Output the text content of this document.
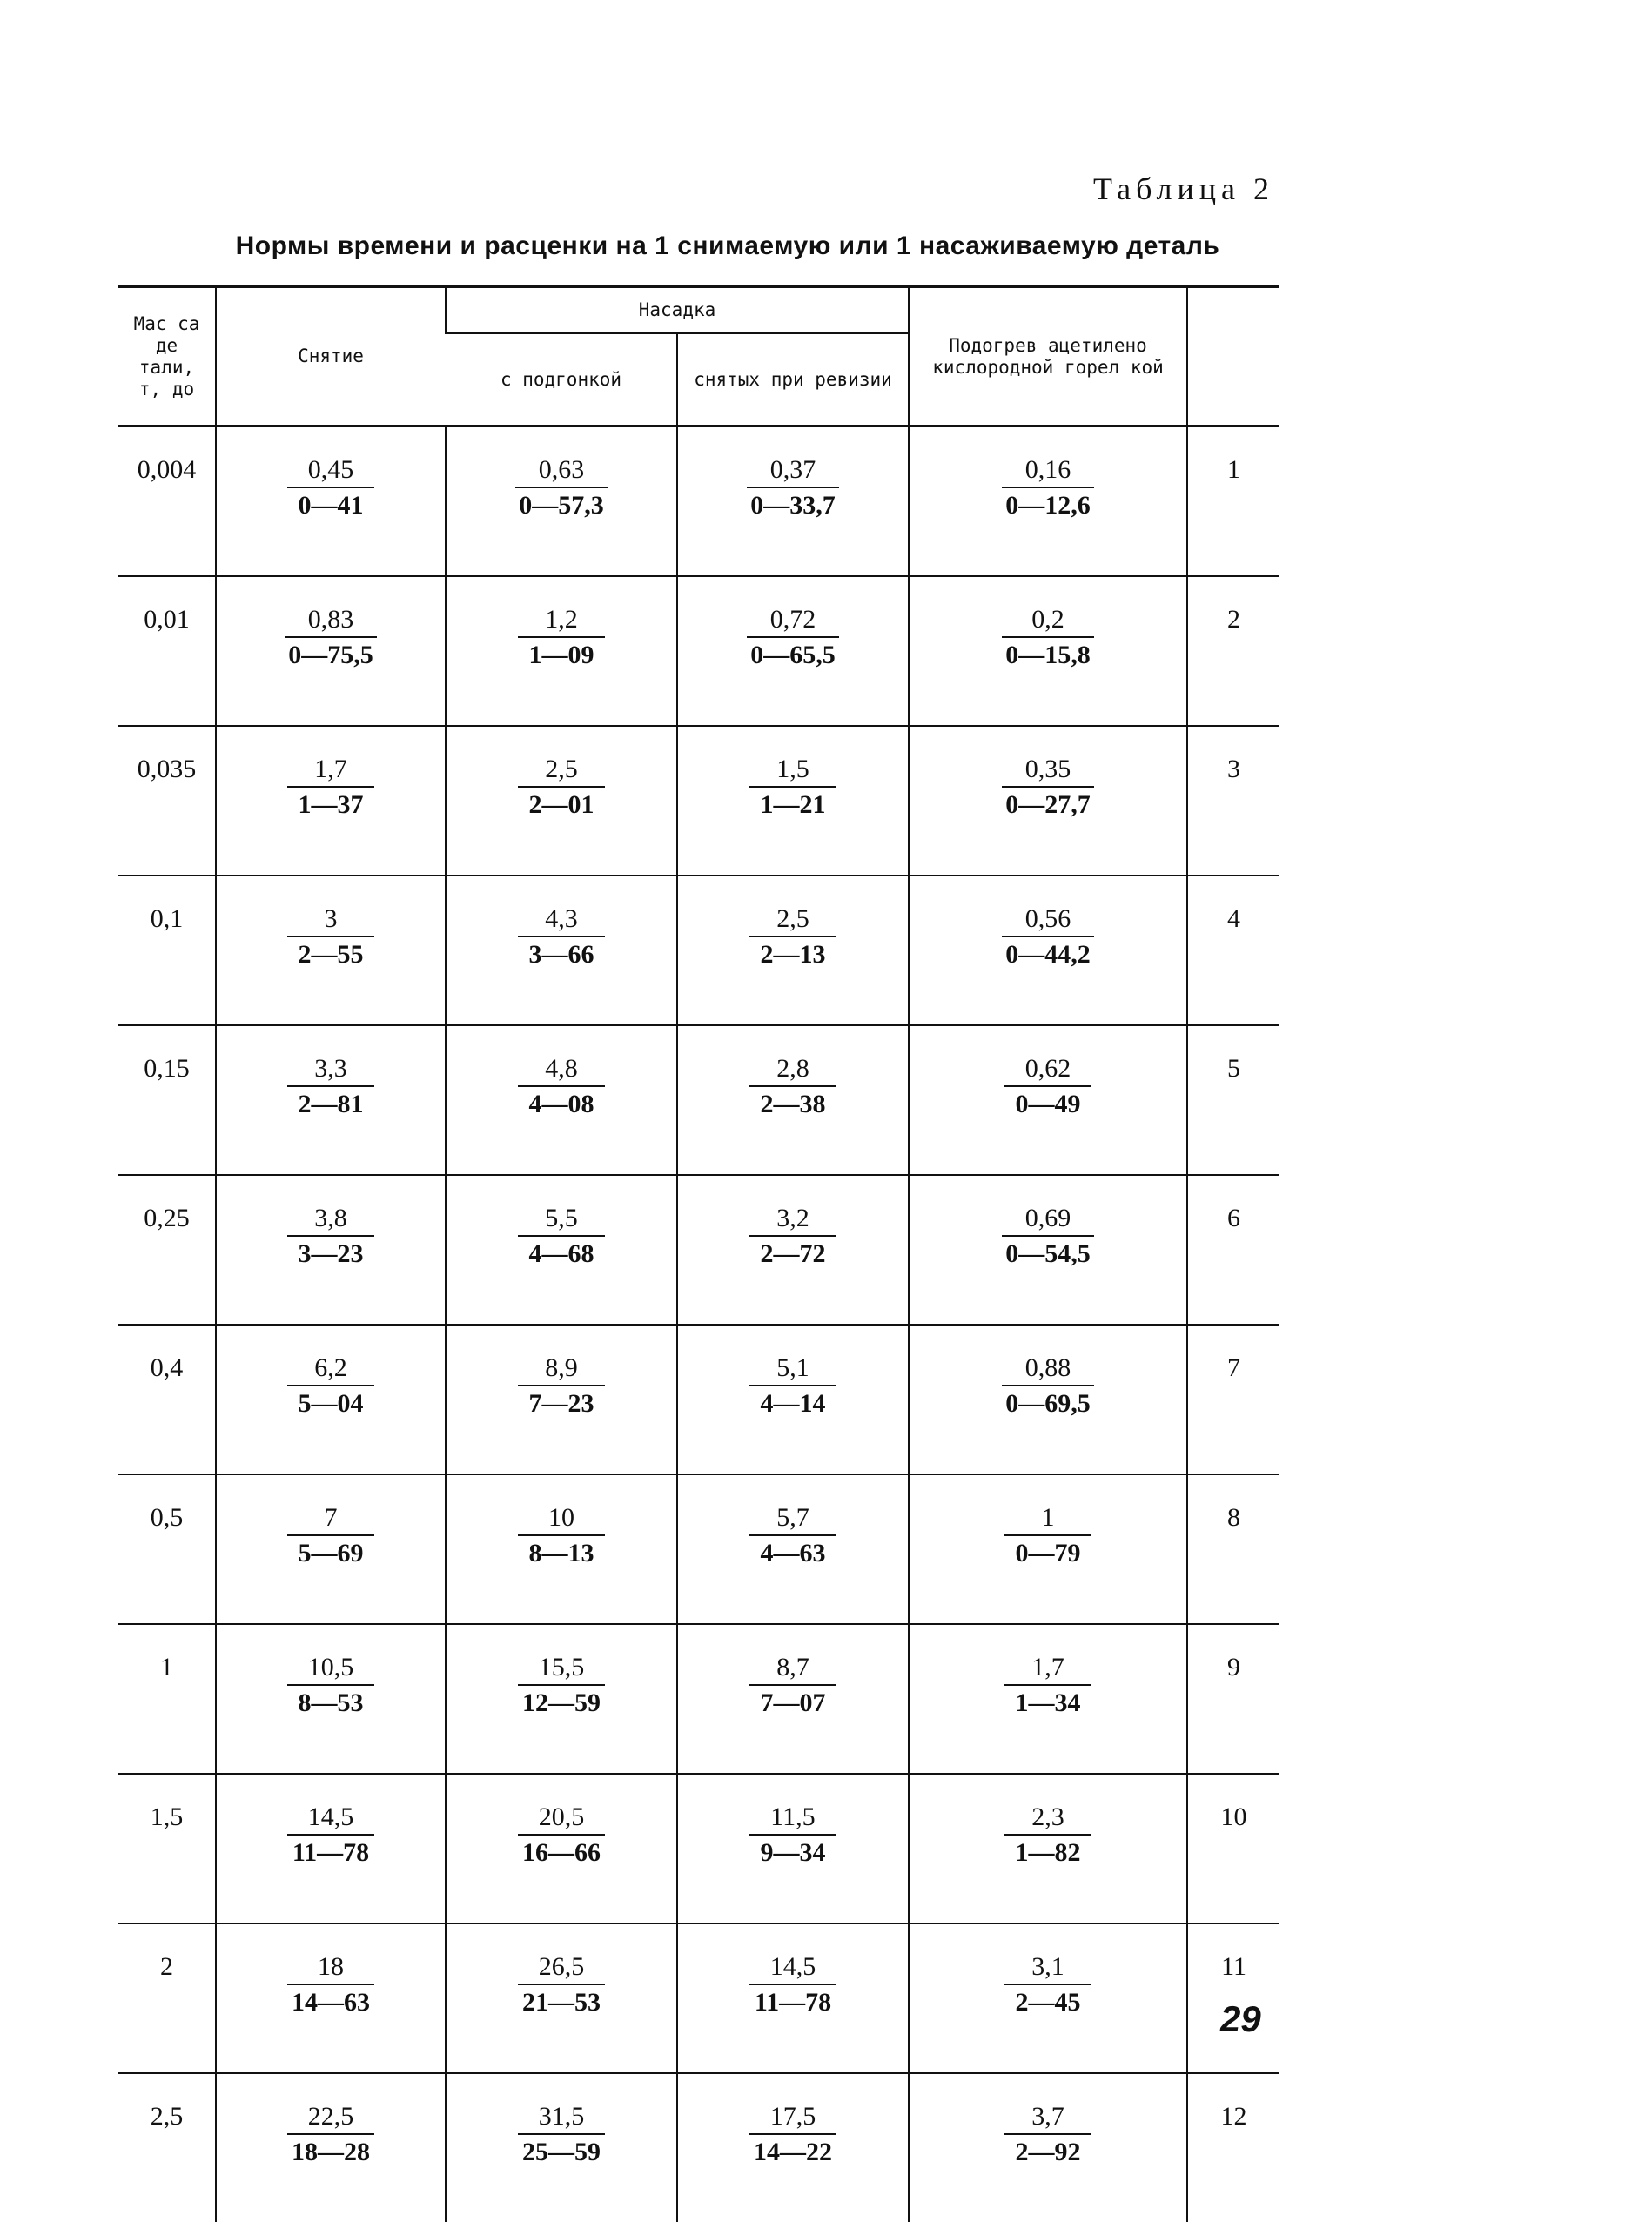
Таблица 2
Нормы времени и расценки на 1 снимаемую или 1 насаживаемую деталь
Мас са де тали, т, до	Снятие	Насадка		Подогрев ацетилено кислородной горел кой	
		с подгонкой	снятых при ревизии		
0,004	$\frac{0,45}{0—41}$	$\frac{0,63}{0—57,3}$	$\frac{0,37}{0—33,7}$	$\frac{0,16}{0—12,6}$	1
0,01	$\frac{0,83}{0—75,5}$	$\frac{1,2}{1—09}$	$\frac{0,72}{0—65,5}$	$\frac{0,2}{0—15,8}$	2
0,035	$\frac{1,7}{1—37}$	$\frac{2,5}{2—01}$	$\frac{1,5}{1—21}$	$\frac{0,35}{0—27,7}$	3
0,1	$\frac{3}{2—55}$	$\frac{4,3}{3—66}$	$\frac{2,5}{2—13}$	$\frac{0,56}{0—44,2}$	4
0,15	$\frac{3,3}{2—81}$	$\frac{4,8}{4—08}$	$\frac{2,8}{2—38}$	$\frac{0,62}{0—49}$	5
0,25	$\frac{3,8}{3—23}$	$\frac{5,5}{4—68}$	$\frac{3,2}{2—72}$	$\frac{0,69}{0—54,5}$	6
0,4	$\frac{6,2}{5—04}$	$\frac{8,9}{7—23}$	$\frac{5,1}{4—14}$	$\frac{0,88}{0—69,5}$	7
0,5	$\frac{7}{5—69}$	$\frac{10}{8—13}$	$\frac{5,7}{4—63}$	$\frac{1}{0—79}$	8
1	$\frac{10,5}{8—53}$	$\frac{15,5}{12—59}$	$\frac{8,7}{7—07}$	$\frac{1,7}{1—34}$	9
1,5	$\frac{14,5}{11—78}$	$\frac{20,5}{16—66}$	$\frac{11,5}{9—34}$	$\frac{2,3}{1—82}$	10
2	$\frac{18}{14—63}$	$\frac{26,5}{21—53}$	$\frac{14,5}{11—78}$	$\frac{3,1}{2—45}$	11
2,5	$\frac{22,5}{18—28}$	$\frac{31,5}{25—59}$	$\frac{17,5}{14—22}$	$\frac{3,7}{2—92}$	12
29
